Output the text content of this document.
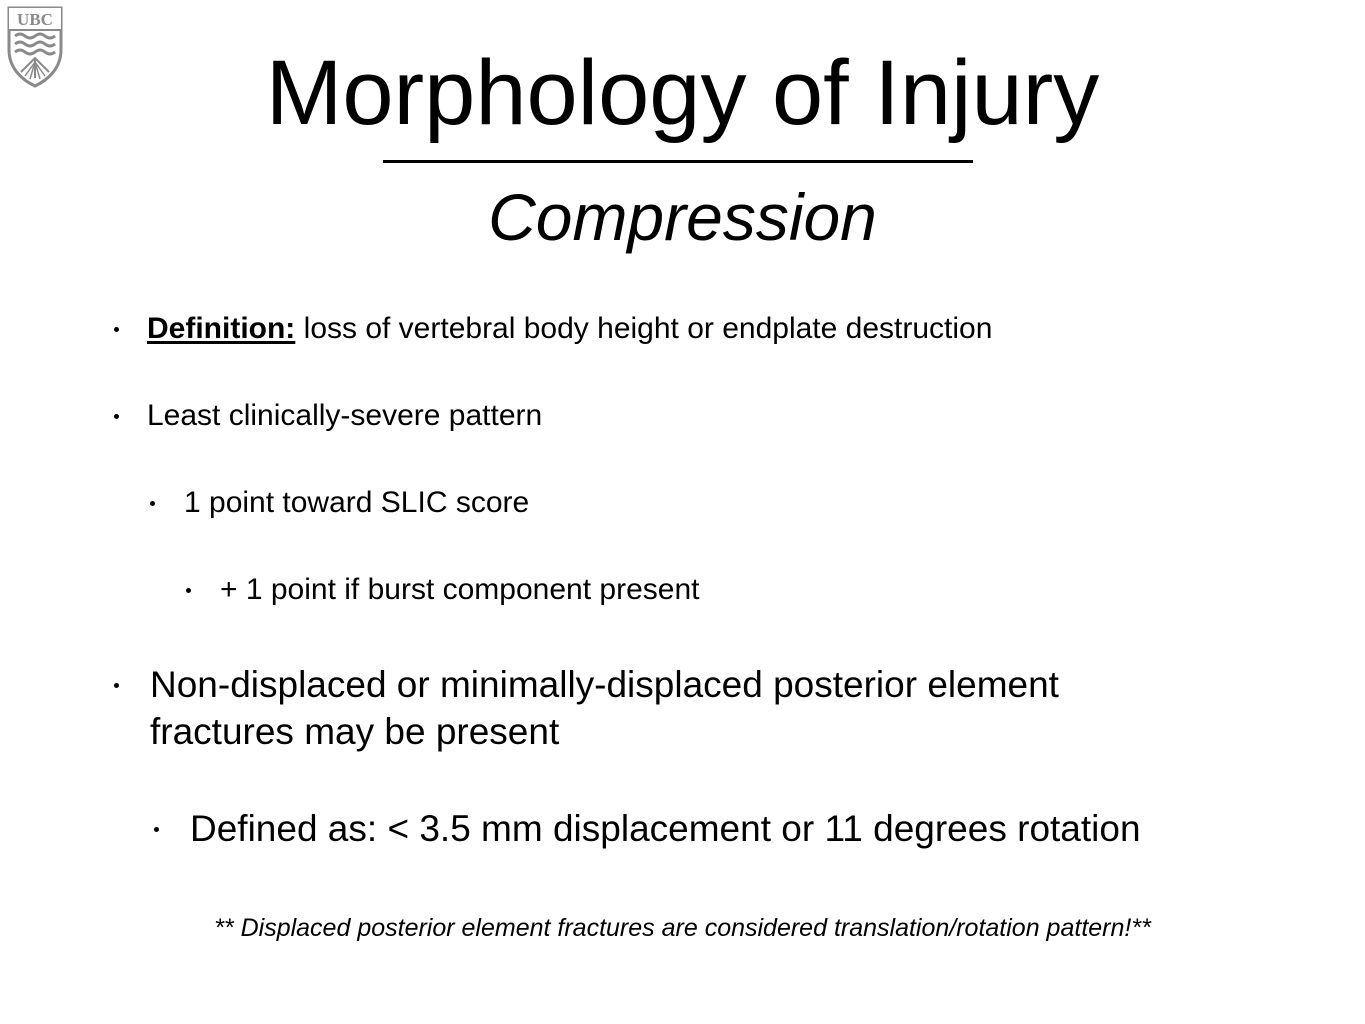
UBC
Morphology of Injury
Compression
Definition: loss of vertebral body height or endplate destruction
Least clinically-severe pattern
1 point toward SLIC score
+ 1 point if burst component present
Non-displaced or minimally-displaced posterior element
fractures may be present
Defined as: < 3.5 mm displacement or 11 degrees rotation
** Displaced posterior element fractures are considered translation/rotation pattern!**
